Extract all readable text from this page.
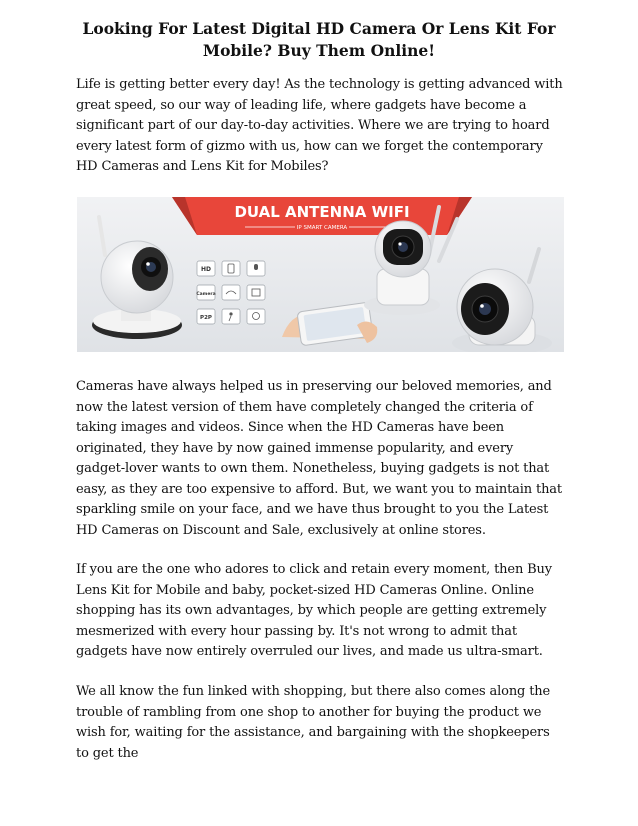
Looking For Latest Digital HD Camera Or Lens Kit For Mobile? Buy Them Online!
Life is getting better every day! As the technology is getting advanced with great speed, so our way of leading life, where gadgets have become a significant part of our day-to-day activities. Where we are trying to hoard every latest form of gizmo with us, how can we forget the contemporary HD Cameras and Lens Kit for Mobiles?
DUAL ANTENNA WIFI
IP SMART CAMERA
HD
Camera
P2P
Cameras have always helped us in preserving our beloved memories, and now the latest version of them have completely changed the criteria of taking images and videos. Since when the HD Cameras have been originated, they have by now gained immense popularity, and every gadget-lover wants to own them. Nonetheless, buying gadgets is not that easy, as they are too expensive to afford. But, we want you to maintain that sparkling smile on your face, and we have thus brought to you the Latest HD Cameras on Discount and Sale, exclusively at online stores.
If you are the one who adores to click and retain every moment, then Buy Lens Kit for Mobile and baby, pocket-sized HD Cameras Online. Online shopping has its own advantages, by which people are getting extremely mesmerized with every hour passing by. It's not wrong to admit that gadgets have now entirely overruled our lives, and made us ultra-smart.
We all know the fun linked with shopping, but there also comes along the trouble of rambling from one shop to another for buying the product we wish for, waiting for the assistance, and bargaining with the shopkeepers to get the
